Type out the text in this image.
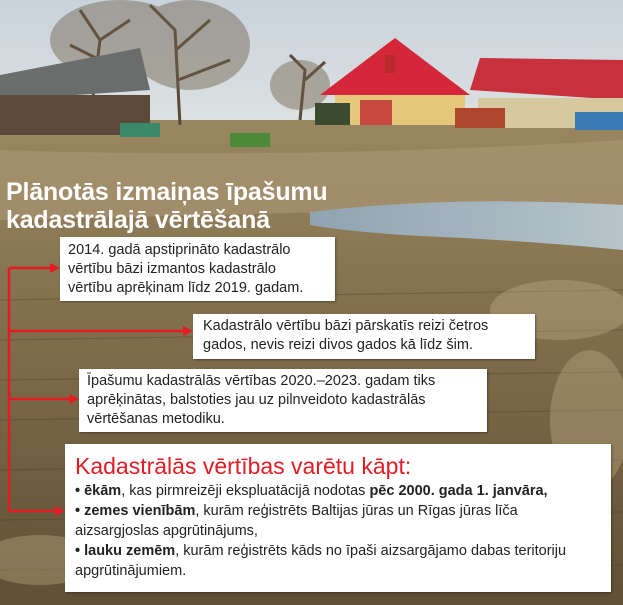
Plānotās izmaiņas īpašumu
kadastrālajā vērtēšanā
2014. gadā apstiprināto kadastrālo
vērtību bāzi izmantos kadastrālo
vērtību aprēķinam līdz 2019. gadam.
Kadastrālo vērtību bāzi pārskatīs reizi četros
gados, nevis reizi divos gados kā līdz šim.
Īpašumu kadastrālās vērtības 2020.–2023. gadam tiks
aprēķinātas, balstoties jau uz pilnveidoto kadastrālās
vērtēšanas metodiku.
Kadastrālās vērtības varētu kāpt:
• ēkām, kas pirmreizēji ekspluatācijā nodotas pēc 2000. gada 1. janvāra,
• zemes vienībām, kurām reģistrēts Baltijas jūras un Rīgas jūras līča
aizsargjoslas apgrūtinājums,
• lauku zemēm, kurām reģistrēts kāds no īpaši aizsargājamo dabas teritoriju
apgrūtinājumiem.
